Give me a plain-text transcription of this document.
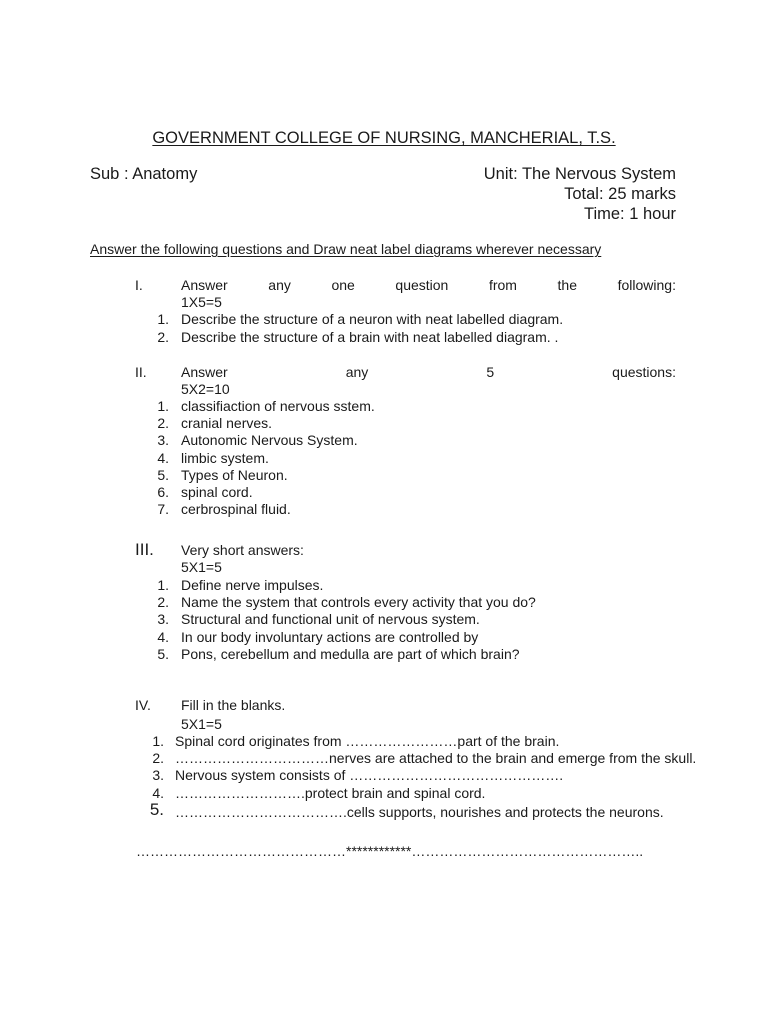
GOVERNMENT COLLEGE OF NURSING, MANCHERIAL, T.S.
Sub : Anatomy	Unit: The Nervous System
Total: 25 marks
Time: 1 hour
Answer the following questions and Draw neat label diagrams wherever necessary
I.	Answer	any	one	question	from	the	following:
1X5=5
1. Describe the structure of a neuron with neat labelled diagram.
2. Describe the structure of a brain with neat labelled diagram. .
II. Answer	any	5	questions:
5X2=10
1. classifiaction of nervous sstem.
2. cranial nerves.
3. Autonomic Nervous System.
4. limbic system.
5. Types of Neuron.
6. spinal cord.
7. cerbrospinal fluid.
III. Very short answers:
5X1=5
1. Define nerve impulses.
2. Name the system that controls every activity that you do?
3. Structural and functional unit of nervous system.
4. In our body involuntary actions are controlled by
5. Pons, cerebellum and medulla are part of which brain?
IV. Fill in the blanks.
5X1=5
1. Spinal cord originates from ……………………part of the brain.
2. ……………………………nerves are attached to the brain and emerge from the skull.
3. Nervous system consists of ……………………………………….
4. ……………………….protect brain and spinal cord.
5. ……………………………….cells supports, nourishes and protects the neurons.
………………………………………************…………………………………………..
